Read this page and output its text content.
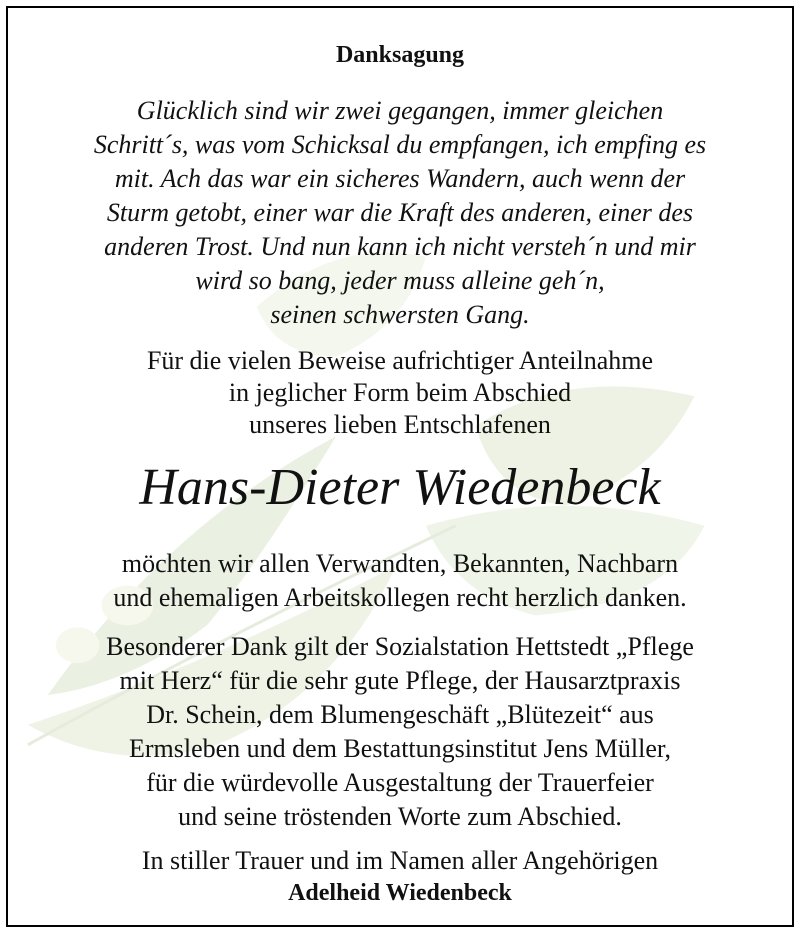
Danksagung
Glücklich sind wir zwei gegangen, immer gleichen
Schritt´s, was vom Schicksal du empfangen, ich empfing es
mit. Ach das war ein sicheres Wandern, auch wenn der
Sturm getobt, einer war die Kraft des anderen, einer des
anderen Trost. Und nun kann ich nicht versteh´n und mir
wird so bang, jeder muss alleine geh´n,
seinen schwersten Gang.
Für die vielen Beweise aufrichtiger Anteilnahme
in jeglicher Form beim Abschied
unseres lieben Entschlafenen
Hans-Dieter Wiedenbeck
möchten wir allen Verwandten, Bekannten, Nachbarn
und ehemaligen Arbeitskollegen recht herzlich danken.
Besonderer Dank gilt der Sozialstation Hettstedt „Pflege
mit Herz“ für die sehr gute Pflege, der Hausarztpraxis
Dr. Schein, dem Blumengeschäft „Blütezeit“ aus
Ermsleben und dem Bestattungsinstitut Jens Müller,
für die würdevolle Ausgestaltung der Trauerfeier
und seine tröstenden Worte zum Abschied.
In stiller Trauer und im Namen aller Angehörigen
Adelheid Wiedenbeck
